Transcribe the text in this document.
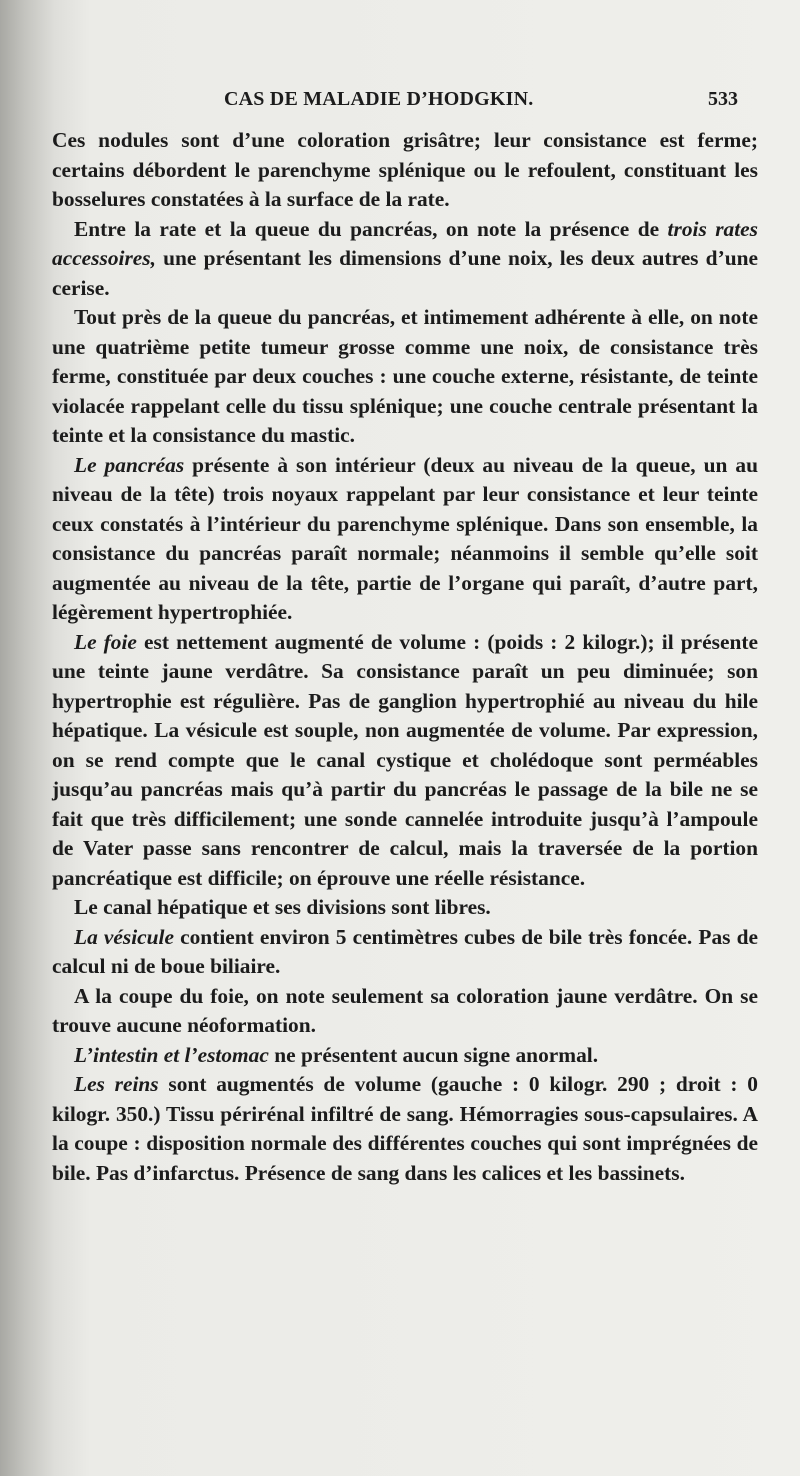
CAS DE MALADIE D’HODGKIN.	533

Ces nodules sont d’une coloration grisâtre; leur consistance est ferme; certains débordent le parenchyme splénique ou le refoulent, constituant les bosselures constatées à la surface de la rate.

Entre la rate et la queue du pancréas, on note la présence de trois rates accessoires, une présentant les dimensions d’une noix, les deux autres d’une cerise.

Tout près de la queue du pancréas, et intimement adhérente à elle, on note une quatrième petite tumeur grosse comme une noix, de consistance très ferme, constituée par deux couches : une couche externe, résistante, de teinte violacée rappelant celle du tissu splénique; une couche centrale présentant la teinte et la consistance du mastic.

Le pancréas présente à son intérieur (deux au niveau de la queue, un au niveau de la tête) trois noyaux rappelant par leur consistance et leur teinte ceux constatés à l’intérieur du parenchyme splénique. Dans son ensemble, la consistance du pancréas paraît normale; néanmoins il semble qu’elle soit augmentée au niveau de la tête, partie de l’organe qui paraît, d’autre part, légèrement hypertrophiée.

Le foie est nettement augmenté de volume : (poids : 2 kilogr.); il présente une teinte jaune verdâtre. Sa consistance paraît un peu diminuée; son hypertrophie est régulière. Pas de ganglion hypertrophié au niveau du hile hépatique. La vésicule est souple, non augmentée de volume. Par expression, on se rend compte que le canal cystique et cholédoque sont perméables jusqu’au pancréas mais qu’à partir du pancréas le passage de la bile ne se fait que très difficilement; une sonde cannelée introduite jusqu’à l’ampoule de Vater passe sans rencontrer de calcul, mais la traversée de la portion pancréatique est difficile; on éprouve une réelle résistance.

Le canal hépatique et ses divisions sont libres.

La vésicule contient environ 5 centimètres cubes de bile très foncée. Pas de calcul ni de boue biliaire.

A la coupe du foie, on note seulement sa coloration jaune verdâtre. On se trouve aucune néoformation.

L’intestin et l’estomac ne présentent aucun signe anormal.

Les reins sont augmentés de volume (gauche : 0 kilogr. 290 ; droit : 0 kilogr. 350.) Tissu périrénal infiltré de sang. Hémorragies sous-capsulaires. A la coupe : disposition normale des différentes couches qui sont imprégnées de bile. Pas d’infarctus. Présence de sang dans les calices et les bassinets.
